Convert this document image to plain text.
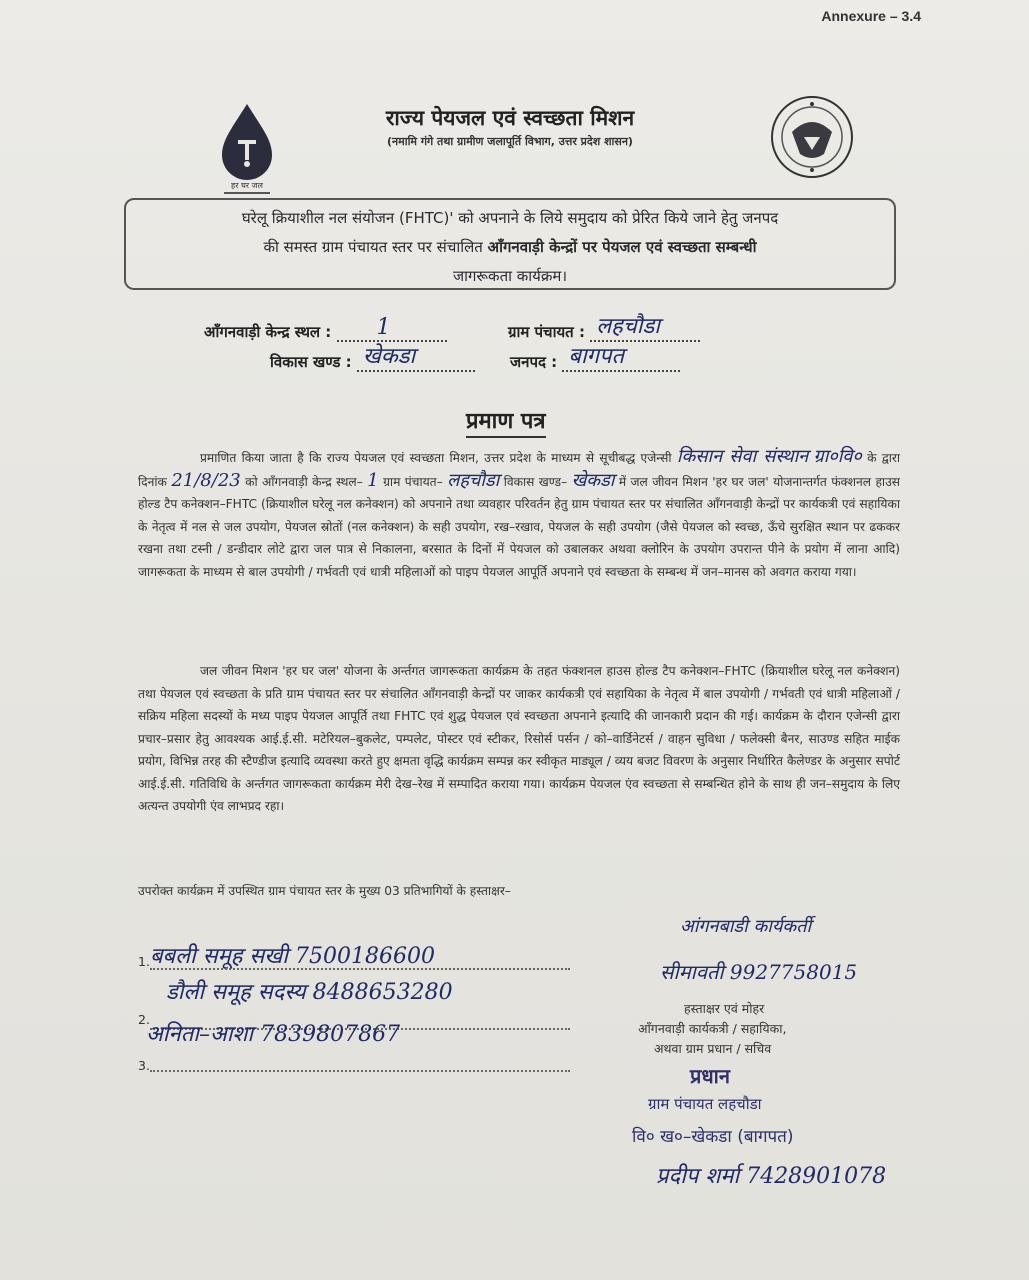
Annexure – 3.4
हर घर जल
राज्य पेयजल एवं स्वच्छता मिशन
(नमामि गंगे तथा ग्रामीण जलापूर्ति विभाग, उत्तर प्रदेश शासन)
घरेलू क्रियाशील नल संयोजन (FHTC)' को अपनाने के लिये समुदाय को प्रेरित किये जाने हेतु जनपद
की समस्त ग्राम पंचायत स्तर पर संचालित आँगनवाड़ी केन्द्रों पर पेयजल एवं स्वच्छता सम्बन्धी
जागरूकता कार्यक्रम।
आँगनवाड़ी केन्द्र स्थल : 1	ग्राम पंचायत : लहचौडा
विकास खण्ड : खेकडा	जनपद : बागपत
प्रमाण पत्र
प्रमाणित किया जाता है कि राज्य पेयजल एवं स्वच्छता मिशन, उत्तर प्रदेश के माध्यम से सूचीबद्ध एजेन्सी किसान सेवा संस्थान ग्रा०वि० के द्वारा दिनांक 21/8/23 को आँगनवाड़ी केन्द्र स्थल– 1 ग्राम पंचायत– लहचौडा विकास खण्ड– खेकडा में जल जीवन मिशन 'हर घर जल' योजनान्तर्गत फंक्शनल हाउस होल्ड टैप कनेक्शन–FHTC (क्रियाशील घरेलू नल कनेक्शन) को अपनाने तथा व्यवहार परिवर्तन हेतु ग्राम पंचायत स्तर पर संचालित आँगनवाड़ी केन्द्रों पर कार्यकत्री एवं सहायिका के नेतृत्व में नल से जल उपयोग, पेयजल स्रोतों (नल कनेक्शन) के सही उपयोग, रख–रखाव, पेयजल के सही उपयोग (जैसे पेयजल को स्वच्छ, ऊँचे सुरक्षित स्थान पर ढककर रखना तथा टस्नी / डन्डीदार लोटे द्वारा जल पात्र से निकालना, बरसात के दिनों में पेयजल को उबालकर अथवा क्लोरिन के उपयोग उपरान्त पीने के प्रयोग में लाना आदि) जागरूकता के माध्यम से बाल उपयोगी / गर्भवती एवं धात्री महिलाओं को पाइप पेयजल आपूर्ति अपनाने एवं स्वच्छता के सम्बन्ध में जन–मानस को अवगत कराया गया।
जल जीवन मिशन 'हर घर जल' योजना के अर्न्तगत जागरूकता कार्यक्रम के तहत फंक्शनल हाउस होल्ड टैप कनेक्शन–FHTC (क्रियाशील घरेलू नल कनेक्शन) तथा पेयजल एवं स्वच्छता के प्रति ग्राम पंचायत स्तर पर संचालित आँगनवाड़ी केन्द्रों पर जाकर कार्यकत्री एवं सहायिका के नेतृत्व में बाल उपयोगी / गर्भवती एवं धात्री महिलाओं / सक्रिय महिला सदस्यों के मध्य पाइप पेयजल आपूर्ति तथा FHTC एवं शुद्ध पेयजल एवं स्वच्छता अपनाने इत्यादि की जानकारी प्रदान की गई। कार्यक्रम के दौरान एजेन्सी द्वारा प्रचार–प्रसार हेतु आवश्यक आई.ई.सी. मटेरियल–बुकलेट, पम्पलेट, पोस्टर एवं स्टीकर, रिसोर्स पर्सन / को–वार्डिनेटर्स / वाहन सुविधा / फलेक्सी बैनर, साउण्ड सहित माईक प्रयोग, विभिन्न तरह की स्टैण्डीज इत्यादि व्यवस्था करते हुए क्षमता वृद्धि कार्यक्रम सम्पन्न कर स्वीकृत माड्यूल / व्यय बजट विवरण के अनुसार निर्धारित कैलेण्डर के अनुसार सपोर्ट आई.ई.सी. गतिविधि के अर्न्तगत जागरूकता कार्यक्रम मेरी देख–रेख में सम्पादित कराया गया। कार्यक्रम पेयजल एंव स्वच्छता से सम्बन्धित होने के साथ ही जन–समुदाय के लिए अत्यन्त उपयोगी एंव लाभप्रद रहा।
उपरोक्त कार्यक्रम में उपस्थित ग्राम पंचायत स्तर के मुख्य 03 प्रतिभागियों के हस्ताक्षर–
1. बबली समूह सखी 7500186600
डौली समूह सदस्य 8488653280
2.
अनिता–आशा 7839807867
3.
आंगनबाडी कार्यकर्ती
सीमावती 9927758015
हस्ताक्षर एवं मोहर
आँगनवाड़ी कार्यकत्री / सहायिका,
अथवा ग्राम प्रधान / सचिव
प्रधान
ग्राम पंचायत लहचौडा
वि० ख०–खेकडा (बागपत)
प्रदीप शर्मा 7428901078
